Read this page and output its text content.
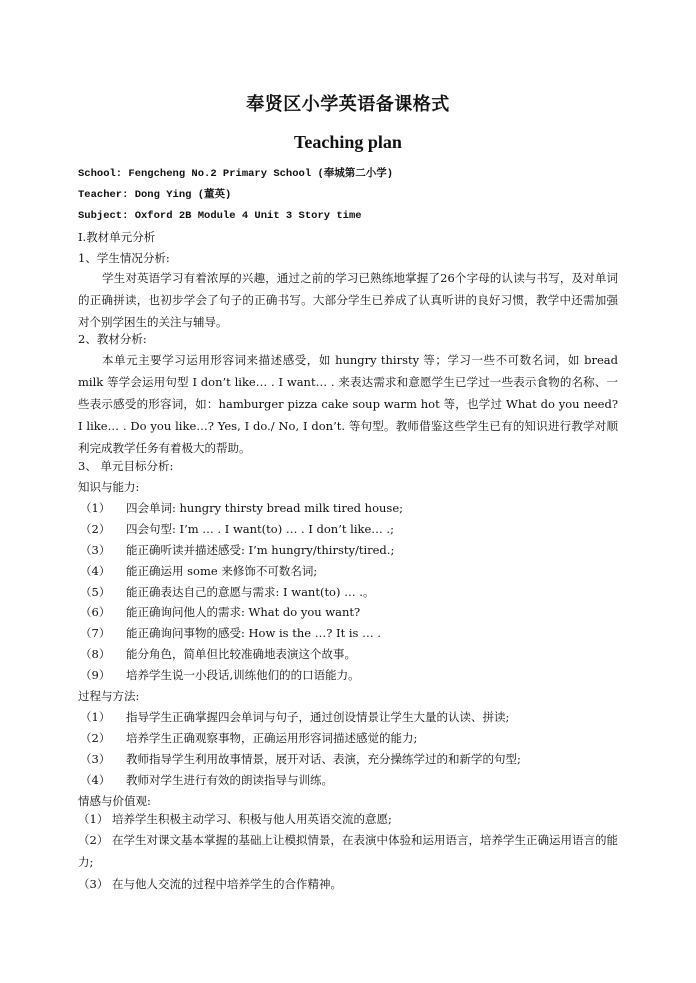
奉贤区小学英语备课格式
Teaching plan
School: Fengcheng No.2 Primary School (奉城第二小学)
Teacher: Dong Ying (董英)
Subject: Oxford 2B Module 4 Unit 3 Story time
I.教材单元分析
1、学生情况分析:
学生对英语学习有着浓厚的兴趣，通过之前的学习已熟练地掌握了26个字母的认读与书写，及对单词的正确拼读，也初步学会了句子的正确书写。大部分学生已养成了认真听讲的良好习惯，教学中还需加强对个别学困生的关注与辅导。
2、教材分析:
本单元主要学习运用形容词来描述感受，如 hungry thirsty 等；学习一些不可数名词，如 bread milk 等学会运用句型 I don’t like… . I want… . 来表达需求和意愿学生已学过一些表示食物的名称、一些表示感受的形容词，如：hamburger pizza cake soup warm hot 等，也学过 What do you need? I like… . Do you like…? Yes, I do./ No, I don’t. 等句型。教师借鉴这些学生已有的知识进行教学对顺利完成教学任务有着极大的帮助。
3、 单元目标分析:
知识与能力:
（1） 四会单词: hungry thirsty bread milk tired house;
（2） 四会句型: I’m … . I want(to) … . I don’t like… .;
（3） 能正确听读并描述感受: I’m hungry/thirsty/tired.;
（4） 能正确运用 some 来修饰不可数名词;
（5） 能正确表达自己的意愿与需求: I want(to) … .。
（6） 能正确询问他人的需求: What do you want?
（7） 能正确询问事物的感受: How is the …? It is … .
（8） 能分角色，简单但比较准确地表演这个故事。
（9） 培养学生说一小段话,训练他们的的口语能力。
过程与方法:
（1） 指导学生正确掌握四会单词与句子，通过创设情景让学生大量的认读、拼读;
（2） 培养学生正确观察事物，正确运用形容词描述感觉的能力;
（3） 教师指导学生利用故事情景，展开对话、表演，充分操练学过的和新学的句型;
（4） 教师对学生进行有效的朗读指导与训练。
情感与价值观:
（1） 培养学生积极主动学习、积极与他人用英语交流的意愿;
（2） 在学生对课文基本掌握的基础上让模拟情景，在表演中体验和运用语言，培养学生正确运用语言的能力;
（3） 在与他人交流的过程中培养学生的合作精神。
